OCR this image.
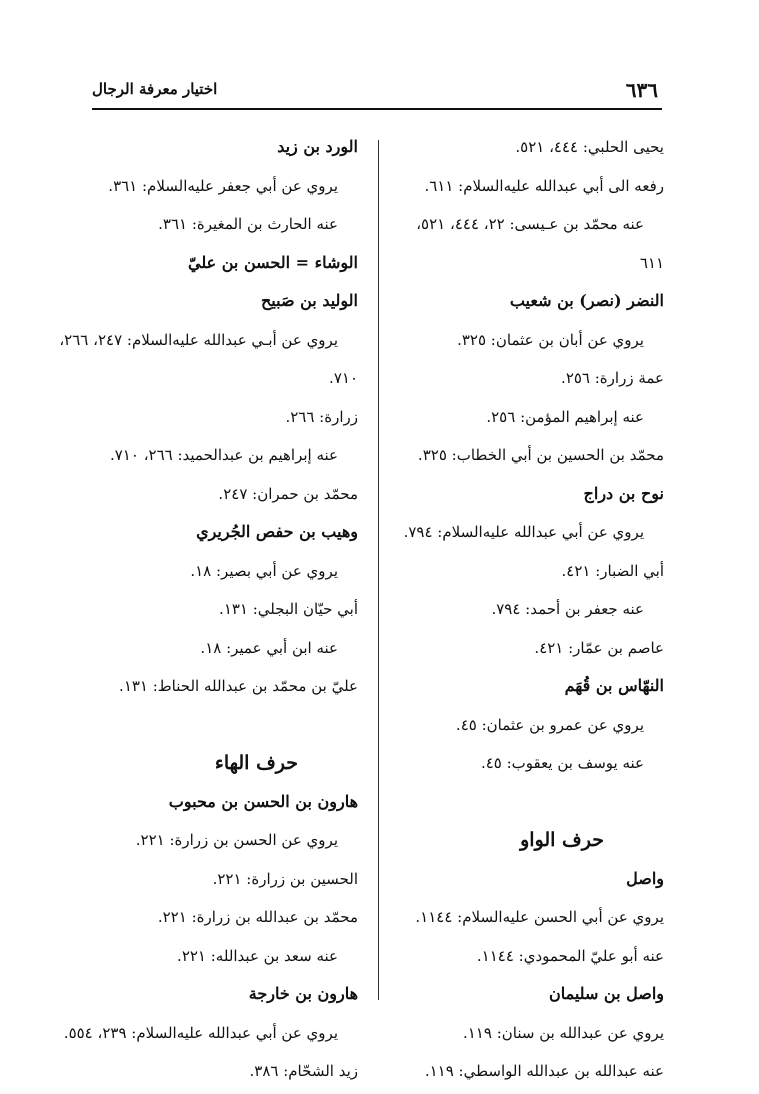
٦٣٦
اختيار معرفة الرجال
يحيى الحلبي: ٤٤٤، ٥٢١.
رفعه الى أبي عبدالله عليه‌السلام: ٦١١.
عنه محمّد بن عـيسى: ٢٢، ٤٤٤، ٥٢١،
٦١١
النضر (نصر) بن شعيب
يروي عن أبان بن عثمان: ٣٢٥.
عمة زرارة: ٢٥٦.
عنه إبراهيم المؤمن: ٢٥٦.
محمّد بن الحسين بن أبي الخطاب: ٣٢٥.
نوح بن دراج
يروي عن أبي عبدالله عليه‌السلام: ٧٩٤.
أبي الضبار: ٤٢١.
عنه جعفر بن أحمد: ٧٩٤.
عاصم بن عمّار: ٤٢١.
النهّاس بن قُهَم
يروي عن عمرو بن عثمان: ٤٥.
عنه يوسف بن يعقوب: ٤٥.
حرف الواو
واصل
يروي عن أبي الحسن عليه‌السلام: ١١٤٤.
عنه أبو عليّ المحمودي: ١١٤٤.
واصل بن سليمان
يروي عن عبدالله بن سنان: ١١٩.
عنه عبدالله بن عبدالله الواسطي: ١١٩.
الورد بن زيد
يروي عن أبي جعفر عليه‌السلام: ٣٦١.
عنه الحارث بن المغيرة: ٣٦١.
الوشاء = الحسن بن عليّ
الوليد بن صَبيح
يروي عن أبـي عبدالله عليه‌السلام: ٢٤٧، ٢٦٦،
٧١٠.
زرارة: ٢٦٦.
عنه إبراهيم بن عبدالحميد: ٢٦٦، ٧١٠.
محمّد بن حمران: ٢٤٧.
وهيب بن حفص الجُريري
يروي عن أبي بصير: ١٨.
أبي حيّان البجلي: ١٣١.
عنه ابن أبي عمير: ١٨.
عليّ بن محمّد بن عبدالله الحناط: ١٣١.
حرف الهاء
هارون بن الحسن بن محبوب
يروي عن الحسن بن زرارة: ٢٢١.
الحسين بن زرارة: ٢٢١.
محمّد بن عبدالله بن زرارة: ٢٢١.
عنه سعد بن عبدالله: ٢٢١.
هارون بن خارجة
يروي عن أبي عبدالله عليه‌السلام: ٢٣٩، ٥٥٤.
زيد الشحّام: ٣٨٦.
